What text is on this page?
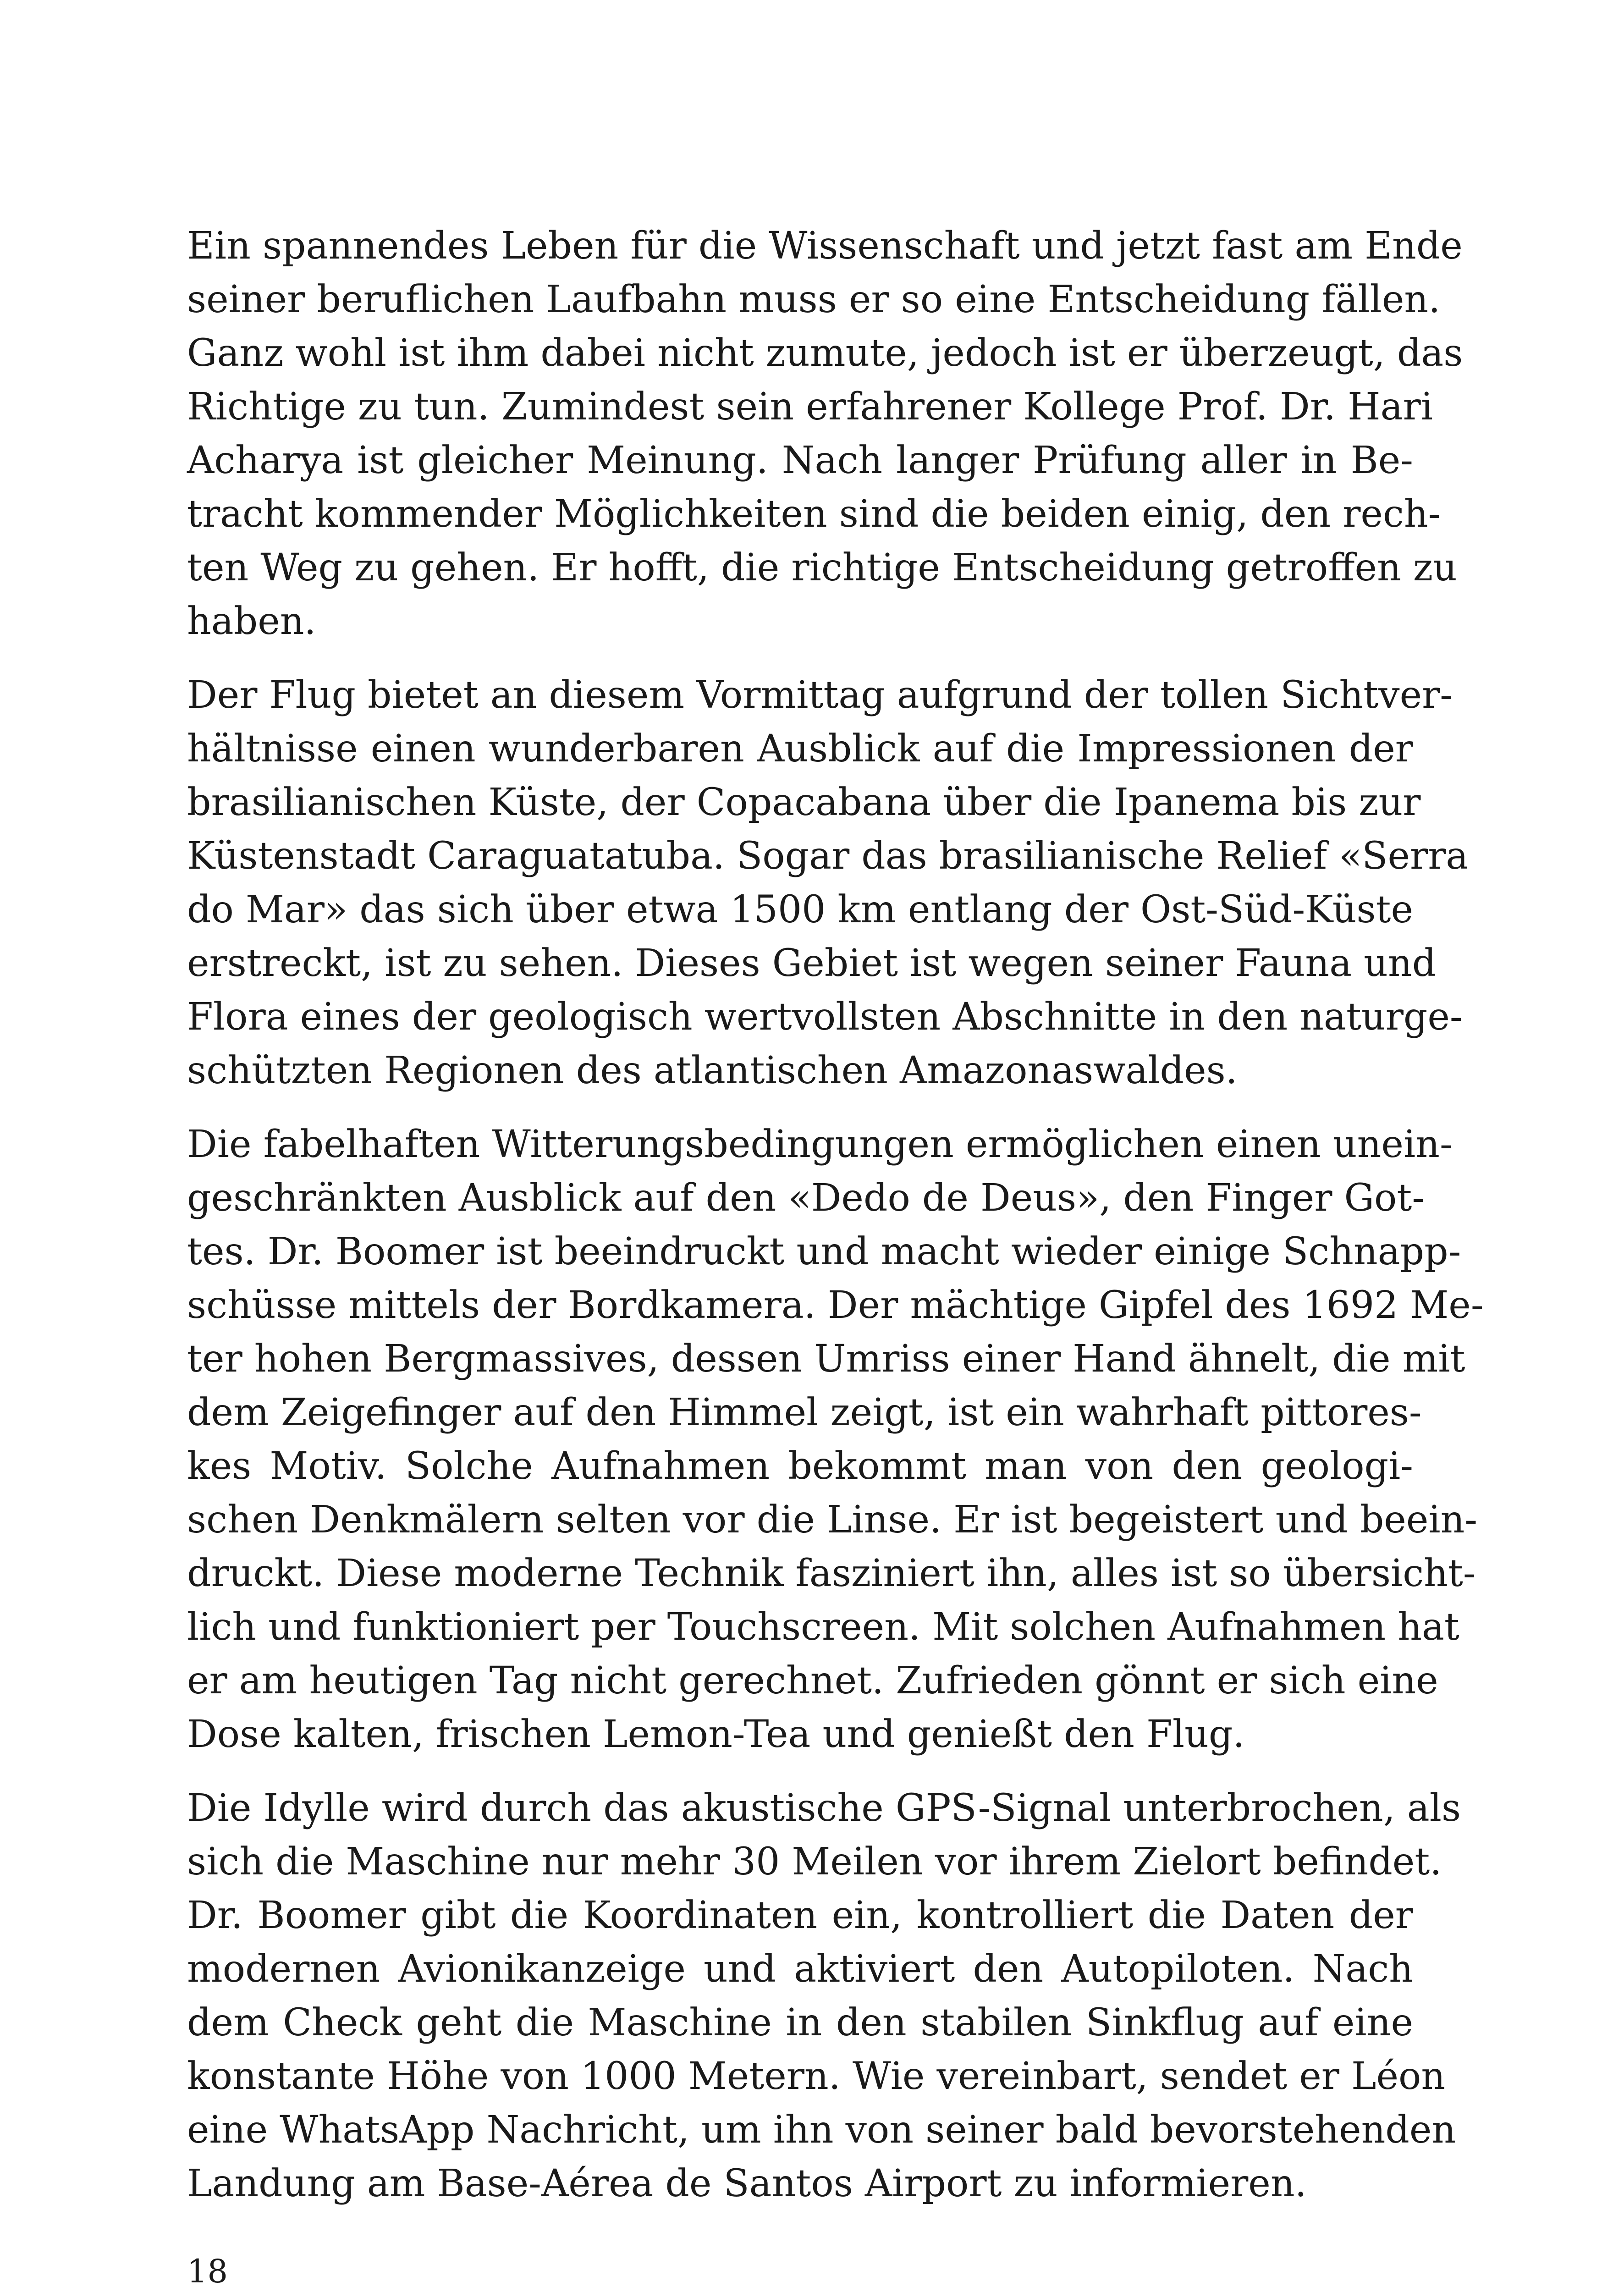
Ein spannendes Leben für die Wissenschaft und jetzt fast am Ende
seiner beruflichen Laufbahn muss er so eine Entscheidung fällen.
Ganz wohl ist ihm dabei nicht zumute, jedoch ist er überzeugt, das
Richtige zu tun. Zumindest sein erfahrener Kollege Prof. Dr. Hari
Acharya ist gleicher Meinung. Nach langer Prüfung aller in Be-
tracht kommender Möglichkeiten sind die beiden einig, den rech-
ten Weg zu gehen. Er hofft, die richtige Entscheidung getroffen zu
haben.

Der Flug bietet an diesem Vormittag aufgrund der tollen Sichtver-
hältnisse einen wunderbaren Ausblick auf die Impressionen der
brasilianischen Küste, der Copacabana über die Ipanema bis zur
Küstenstadt Caraguatatuba. Sogar das brasilianische Relief «Serra
do Mar» das sich über etwa 1500 km entlang der Ost-Süd-Küste
erstreckt, ist zu sehen. Dieses Gebiet ist wegen seiner Fauna und
Flora eines der geologisch wertvollsten Abschnitte in den naturge-
schützten Regionen des atlantischen Amazonaswaldes.

Die fabelhaften Witterungsbedingungen ermöglichen einen unein-
geschränkten Ausblick auf den «Dedo de Deus», den Finger Got-
tes. Dr. Boomer ist beeindruckt und macht wieder einige Schnapp-
schüsse mittels der Bordkamera. Der mächtige Gipfel des 1692 Me-
ter hohen Bergmassives, dessen Umriss einer Hand ähnelt, die mit
dem Zeigefinger auf den Himmel zeigt, ist ein wahrhaft pittores-
kes Motiv. Solche Aufnahmen bekommt man von den geologi-
schen Denkmälern selten vor die Linse. Er ist begeistert und beein-
druckt. Diese moderne Technik fasziniert ihn, alles ist so übersicht-
lich und funktioniert per Touchscreen. Mit solchen Aufnahmen hat
er am heutigen Tag nicht gerechnet. Zufrieden gönnt er sich eine
Dose kalten, frischen Lemon-Tea und genießt den Flug.

Die Idylle wird durch das akustische GPS-Signal unterbrochen, als
sich die Maschine nur mehr 30 Meilen vor ihrem Zielort befindet.
Dr. Boomer gibt die Koordinaten ein, kontrolliert die Daten der
modernen Avionikanzeige und aktiviert den Autopiloten. Nach
dem Check geht die Maschine in den stabilen Sinkflug auf eine
konstante Höhe von 1000 Metern. Wie vereinbart, sendet er Léon
eine WhatsApp Nachricht, um ihn von seiner bald bevorstehenden
Landung am Base-Aérea de Santos Airport zu informieren.

18
